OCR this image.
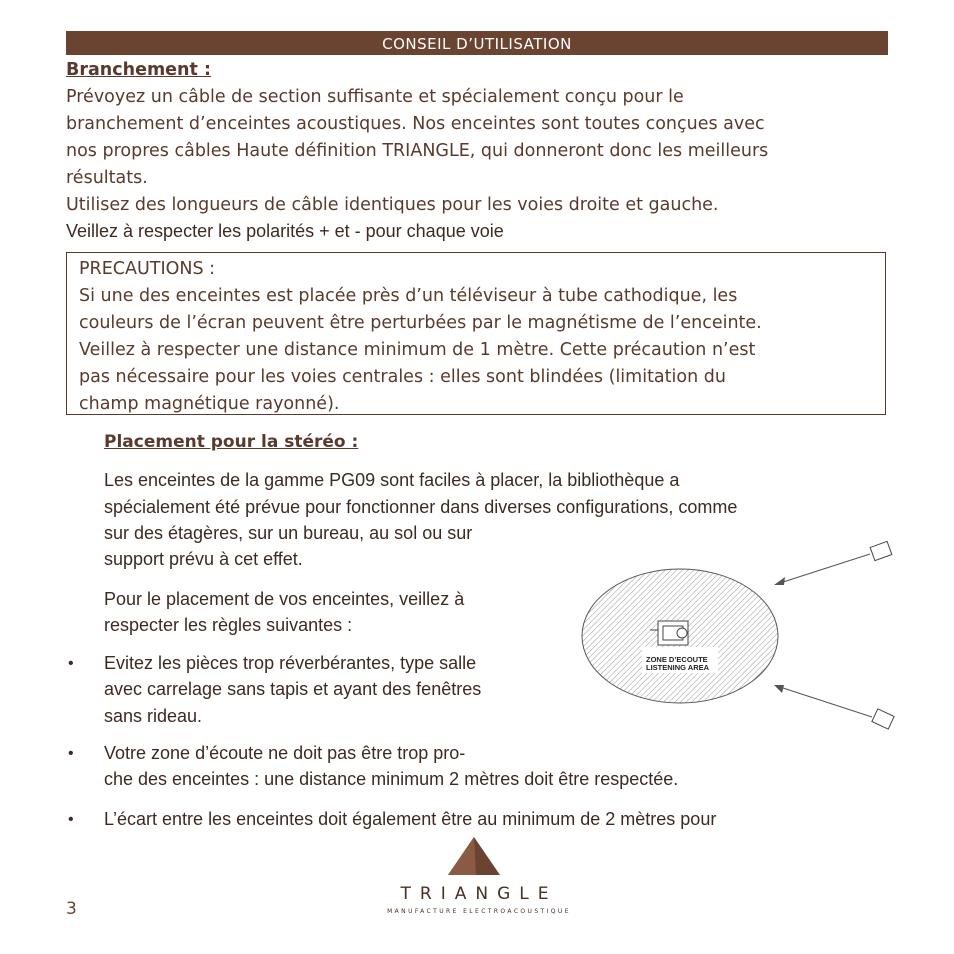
CONSEIL D’UTILISATION

Branchement :

Prévoyez un câble de section suffisante et spécialement conçu pour le

branchement d’enceintes acoustiques. Nos enceintes sont toutes conçues avec

nos propres câbles Haute définition TRIANGLE, qui donneront donc les meilleurs

résultats.

Utilisez des longueurs de câble identiques pour les voies droite et gauche.

Veillez à respecter les polarités + et - pour chaque voie

PRECAUTIONS :

Si une des enceintes est placée près d’un téléviseur à tube cathodique, les

couleurs de l’écran peuvent être perturbées par le magnétisme de l’enceinte.

Veillez à respecter une distance minimum de 1 mètre. Cette précaution n’est

pas nécessaire pour les voies centrales : elles sont blindées (limitation du

champ magnétique rayonné).

Placement pour la stéréo :

Les enceintes de la gamme PG09 sont faciles à placer, la bibliothèque a

spécialement été prévue pour fonctionner dans diverses configurations, comme

sur des étagères, sur un bureau, au sol ou sur

support prévu à cet effet.

Pour le placement de vos enceintes, veillez à

respecter les règles suivantes :

• Evitez les pièces trop réverbérantes, type salle

avec carrelage sans tapis et ayant des fenêtres

sans rideau.

• Votre zone d’écoute ne doit pas être trop pro-

che des enceintes : une distance minimum 2 mètres doit être respectée.

• L’écart entre les enceintes doit également être au minimum de 2 mètres pour

ZONE D’ECOUTE
LISTENING AREA
3
TRIANGLE
MANUFACTURE ELECTROACOUSTIQUE
